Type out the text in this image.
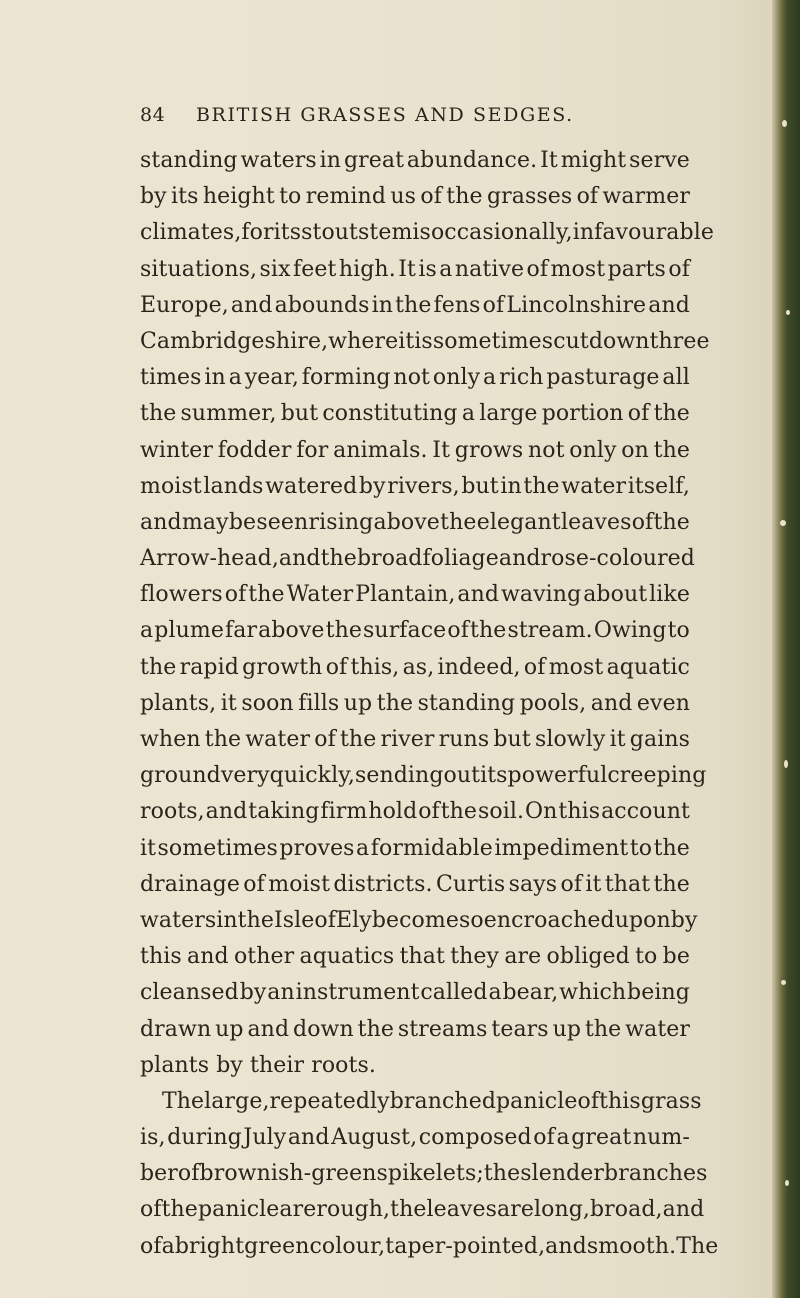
84 BRITISH GRASSES AND SEDGES.
standing waters in great abundance. It might serve
by its height to remind us of the grasses of warmer
climates, for its stout stem is occasionally, in favourable
situations, six feet high. It is a native of most parts of
Europe, and abounds in the fens of Lincolnshire and
Cambridgeshire, where it is sometimes cut down three
times in a year, forming not only a rich pasturage all
the summer, but constituting a large portion of the
winter fodder for animals. It grows not only on the
moist lands watered by rivers, but in the water itself,
and may be seen rising above the elegant leaves of the
Arrow-head, and the broad foliage and rose-coloured
flowers of the Water Plantain, and waving about like
a plume far above the surface of the stream. Owing to
the rapid growth of this, as, indeed, of most aquatic
plants, it soon fills up the standing pools, and even
when the water of the river runs but slowly it gains
ground very quickly, sending out its powerful creeping
roots, and taking firm hold of the soil. On this account
it sometimes proves a formidable impediment to the
drainage of moist districts. Curtis says of it that the
waters in the Isle of Ely become so encroached upon by
this and other aquatics that they are obliged to be
cleansed by an instrument called a bear, which being
drawn up and down the streams tears up the water
plants by their roots.
The large, repeatedly branched panicle of this grass
is, during July and August, composed of a great num-
ber of brownish-green spikelets; the slender branches
of the panicle are rough, the leaves are long, broad, and
of a bright green colour, taper-pointed, and smooth. The
